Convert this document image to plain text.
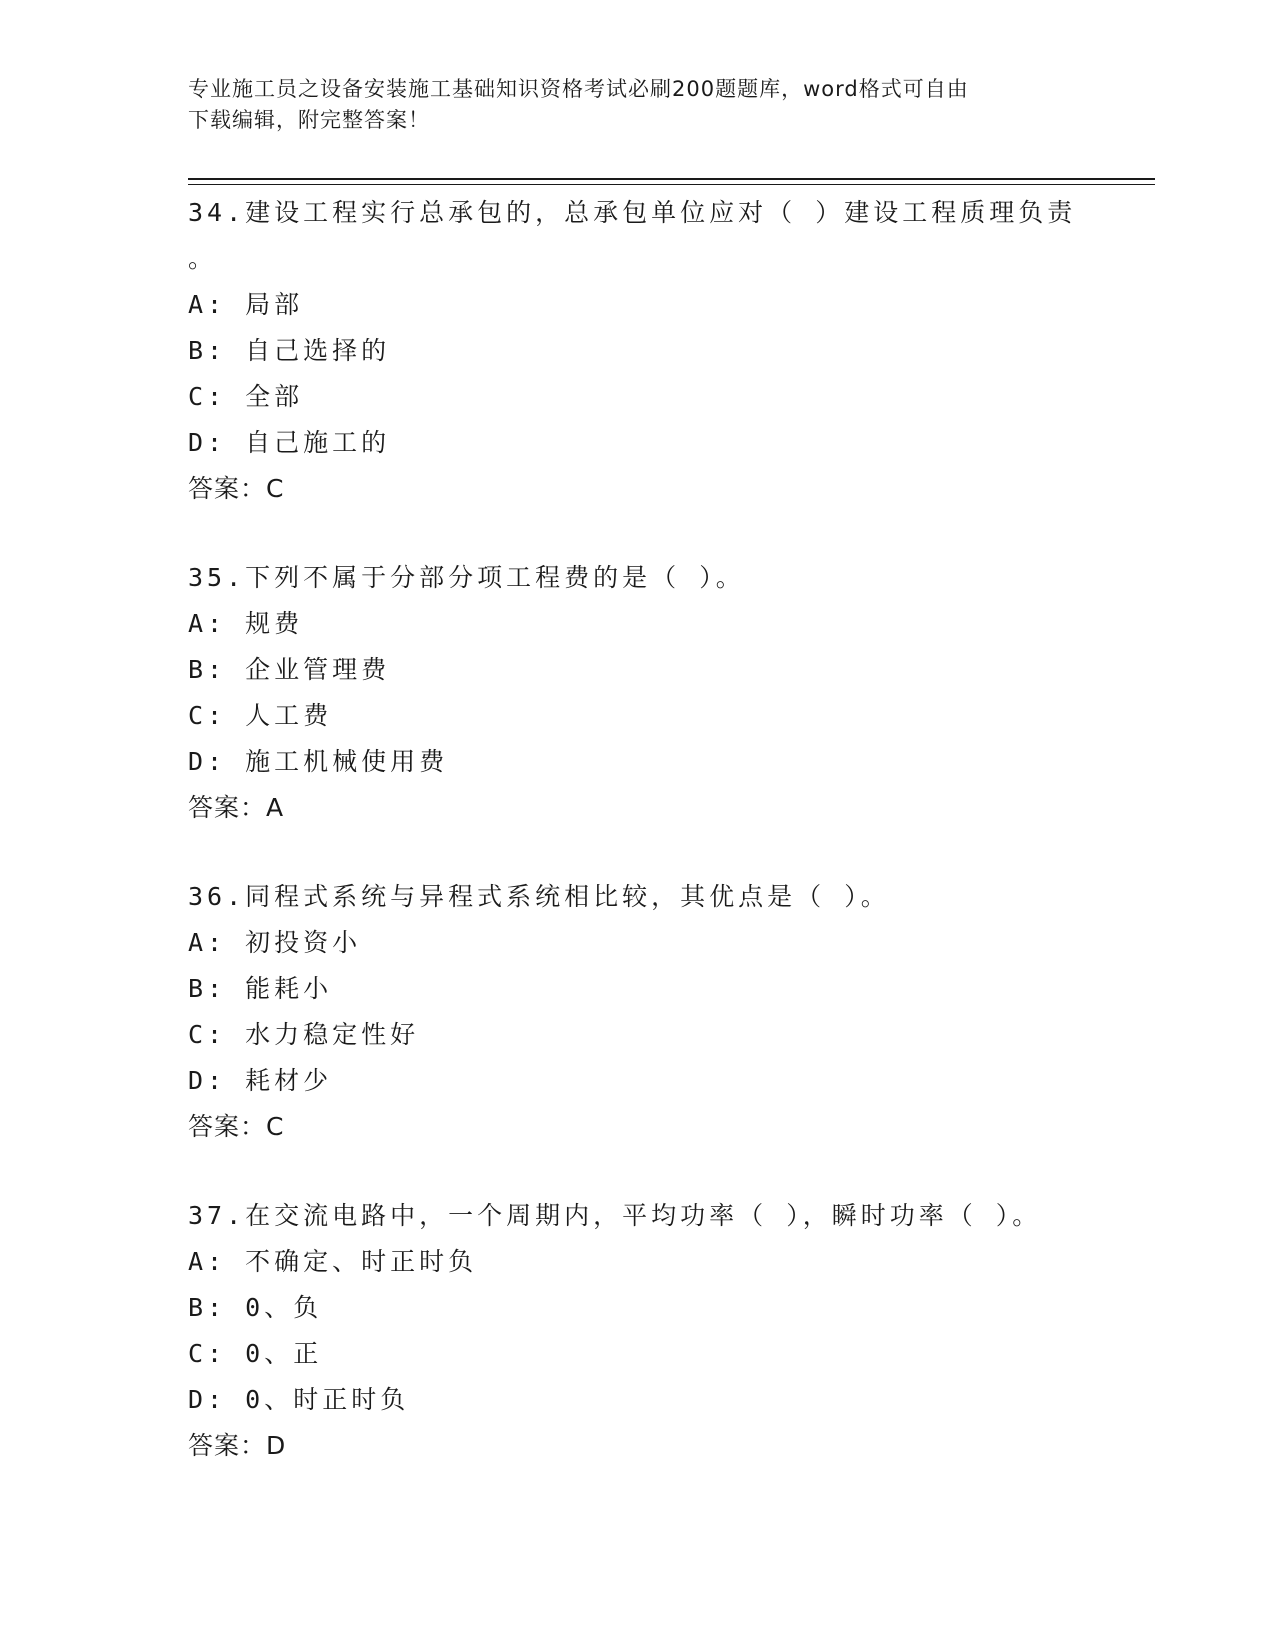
专业施工员之设备安装施工基础知识资格考试必刷200题题库，word格式可自由
下载编辑，附完整答案！
34.建设工程实行总承包的，总承包单位应对（ ）建设工程质理负责
。
A: 局部
B: 自己选择的
C: 全部
D: 自己施工的
答案：C
35.下列不属于分部分项工程费的是（ ）。
A: 规费
B: 企业管理费
C: 人工费
D: 施工机械使用费
答案：A
36.同程式系统与异程式系统相比较，其优点是（ ）。
A: 初投资小
B: 能耗小
C: 水力稳定性好
D: 耗材少
答案：C
37.在交流电路中，一个周期内，平均功率（ ），瞬时功率（ ）。
A: 不确定、时正时负
B: 0、负
C: 0、正
D: 0、时正时负
答案：D
